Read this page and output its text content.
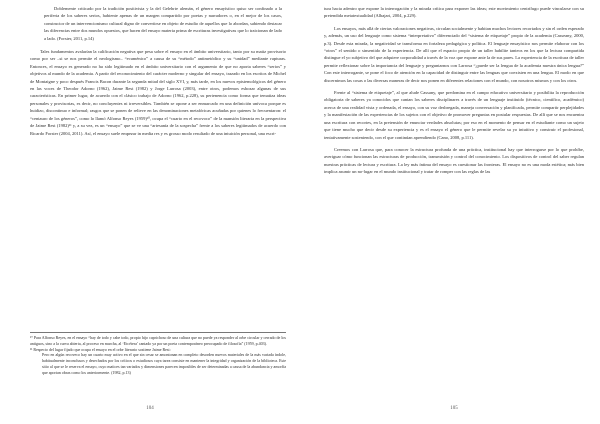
Doblemente criticado por la tradición positivista y la del Gelehrte alemán, el género ensayístico quiso ser confinado a la periferia de los saberes serios, habiente apenas de un margen compartido por poetas y narradores o, en el mejor de los casos, constructor de un intervencionismo cultural digno de convertirse en objeto de estudio de aquellos que lo abordan, sabiendo destacar las diferencias entre dos mundos opuestos, que hacen del ensayo materia prima de escrituras investigativas que lo traicionan de lado a lado. (Forster, 2011, p.14)

Tales fundamentos avalarían la calificación negativa que pesa sobre el ensayo en el ámbito universitario, tanto por su matiz provisorio como por ser –si se nos permite el neologismo– “ecuménico” a causa de su “método” antimetódico y su “unidad” mediante rupturas. Entonces, el ensayo es generado no ha sido legitimado en el ámbito universitario con el argumento de que no aporta saberes “serios” y objetivos al mundo de la academia. A partir del reconocimiento del carácter moderno y singular del ensayo, trazado en los escritos de Michel de Montaigne y poco después Francis Bacon durante la segunda mitad del siglo XVI, y, más tarde, en los nuevos epistemológicos del género en las voces de Theodor Adorno (1962), Jaime Rest (1982) y Jorge Larrosa (2003), entre otros, podemos esbozar algunas de sus características. En primer lugar, de acuerdo con el clásico trabajo de Adorno (1962, p.228), su pertenencia como forma que tematiza ideas personales y provisorias, es decir, no concluyentes ni irreversibles. También se opone a ser enmarcado en una definición unívoca porque es huidizo, discontinuo e informal; rasgos que se ponen de relieve en las denominaciones metafóricas acuñadas por quienes lo frecuentaron: el “centauro de los géneros”, como lo llamó Alfonso Reyes (1959)¹⁰, ocupa el “cuarto en el recovoco” de la mansión literaria en la perspectiva de Jaime Rest (1982)¹¹ y, a su vez, es un “ensayo” que se ve una “artesanía de la sospecha” frente a los saberes legitimados de acuerdo con Ricardo Forster (2004, 2011). Así, el ensayo suele empezar in media res y es grosso modo resultado de una intuición personal, una escri-

¹⁰ Para Alfonso Reyes, en el ensayo “hay de todo y cabe todo, propio hijo caprichoso de una cultura que no puede ya responder al orbe circular y cerrado de los antiguos, sino a la curva abierta, al proceso en marcha, al ‘Etcétera’ cantado ya por un poeta contemporáneo preocupado de filosofía” (1959, p.403).

¹¹ Respecto del lugar fijado que ocupa el ensayo en el orbe literario sostiene Jaime Rest:

Pero en algún recoveco hay un cuarto muy activo en el que sin cesar se amontonan en completo desorden nuevos materiales de la más variada índole, habitualmente inconclusos y desechados por los críticos o estudiosos cuya tarea consiste en mantener la integridad y organización de la biblioteca. Este sitio al que se le reserva el ensayo, cuyo matices tan variados y dimensiones parecen imposibles de ser determinadas a causa de la abundancia y amorfía que aportan obras como los anteriormente. (1982, p.13)

104

tura hacia adentro que expone la interrogación y la mirada crítica para exponer las ideas; este movimiento centrífugo puede vincularse con su pretendida metatextualidad (Albajari, 2004, p.229).

Los ensayos, más allá de ciertas valoraciones negativas, circulan socialmente y habitan muchos lectores recortados y sin el orden esperado y, además, un uso del lenguaje como sistema “interpretativo” diferenciado del “sistema de etiquetaje” propio de la academia (Casseany, 2000, p.3). Desde esta mirada, la negatividad se transforma en fortaleza pedagógica y política. El lenguaje ensayístico nos permite elaborar con los “otros” el sentido o sinsentido de la experiencia. De allí que el espacio propio de un taller habilite tanteos en los que la lectura compartida distingue el yo subjetivo del que adquiere corporalidad a través de la voz que expone ante la de sus pares. La experiencia de la escritura de taller permite reflexionar sobre la importancia del lenguaje y preguntarnos con Larrosa “¿puede ser la lengua de la academia nuestra única lengua?” Con este interrogante, se pone el foco de atención en la capacidad de distinguir entre las lenguas que coexisten en una lengua. El modo en que discernimos las cosas o las diversas maneras de decir nos ponen en diferentes relaciones con el mundo, con nosotros mismos y con los otros.

Frente al “sistema de etiquetaje”, al que alude Cassany, que predomina en el campo educativo universitario y posibilita la reproducción obligatoria de saberes ya conocidos que cantan los saberes disciplinares a través de un lenguaje instituido (técnico, científico, académico) acerca de una realidad vista y ordenada, el ensayo, con su voz desbregada, maneja conversación y planificada, permite compartir perplejidades y la manifestación de las experiencias de los sujetos con el objetivo de promover preguntas en postular respuestas. De allí que se nos encuentra una escritura con recortes, en la pretensión de enunciar verdades absolutas; por eso en el momento de pensar en el estudiante como un sujeto que tiene mucho que decir desde su experiencia y es el ensayo el género que le permite revelar su yo intuitivo y construir el profesional, tentativamente sosteniendo, con el que continúan aprendiendo (Cano, 2008, p.111).

Creemos con Larrosa que, para conocer la estructura profunda de una práctica, institucional hay que interrogarse por lo que prohíbe, averiguar cómo funcionan las estructuras de producción, transmisión y control del conocimiento. Los dispositivos de control del saber regulan nuestras prácticas de lectura y escritura. La ley más íntima del ensayo es cuestionar las fronteras. El ensayo no es una moda estética; más bien implica asumir un no-lugar en el mundo institucional y tratar de romper con las reglas de las

105
